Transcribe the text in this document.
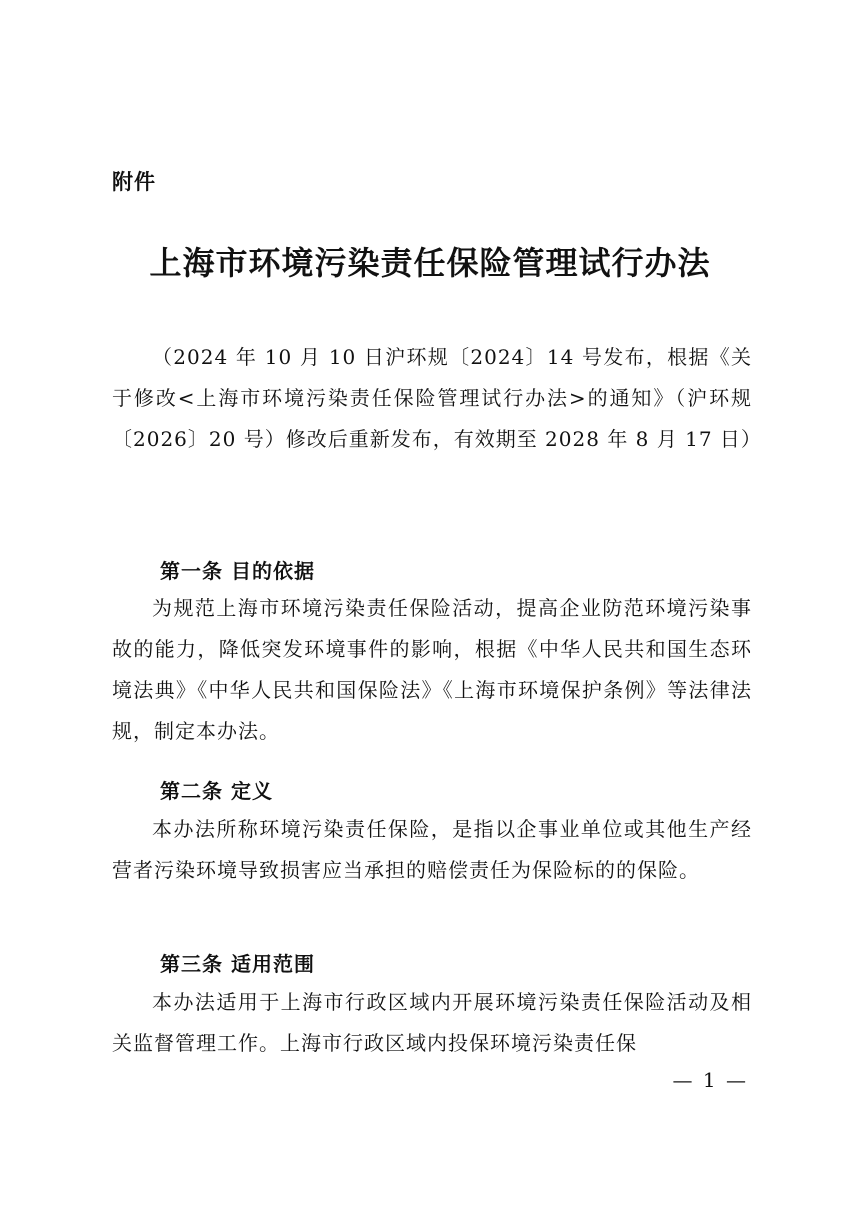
附件
上海市环境污染责任保险管理试行办法
（2024 年 10 月 10 日沪环规〔2024〕14 号发布，根据《关于修改<上海市环境污染责任保险管理试行办法>的通知》（沪环规〔2026〕20 号）修改后重新发布，有效期至 2028 年 8 月 17 日）
第一条 目的依据
为规范上海市环境污染责任保险活动，提高企业防范环境污染事故的能力，降低突发环境事件的影响，根据《中华人民共和国生态环境法典》《中华人民共和国保险法》《上海市环境保护条例》等法律法规，制定本办法。
第二条 定义
本办法所称环境污染责任保险，是指以企事业单位或其他生产经营者污染环境导致损害应当承担的赔偿责任为保险标的的保险。
第三条 适用范围
本办法适用于上海市行政区域内开展环境污染责任保险活动及相关监督管理工作。上海市行政区域内投保环境污染责任保
— 1 —
